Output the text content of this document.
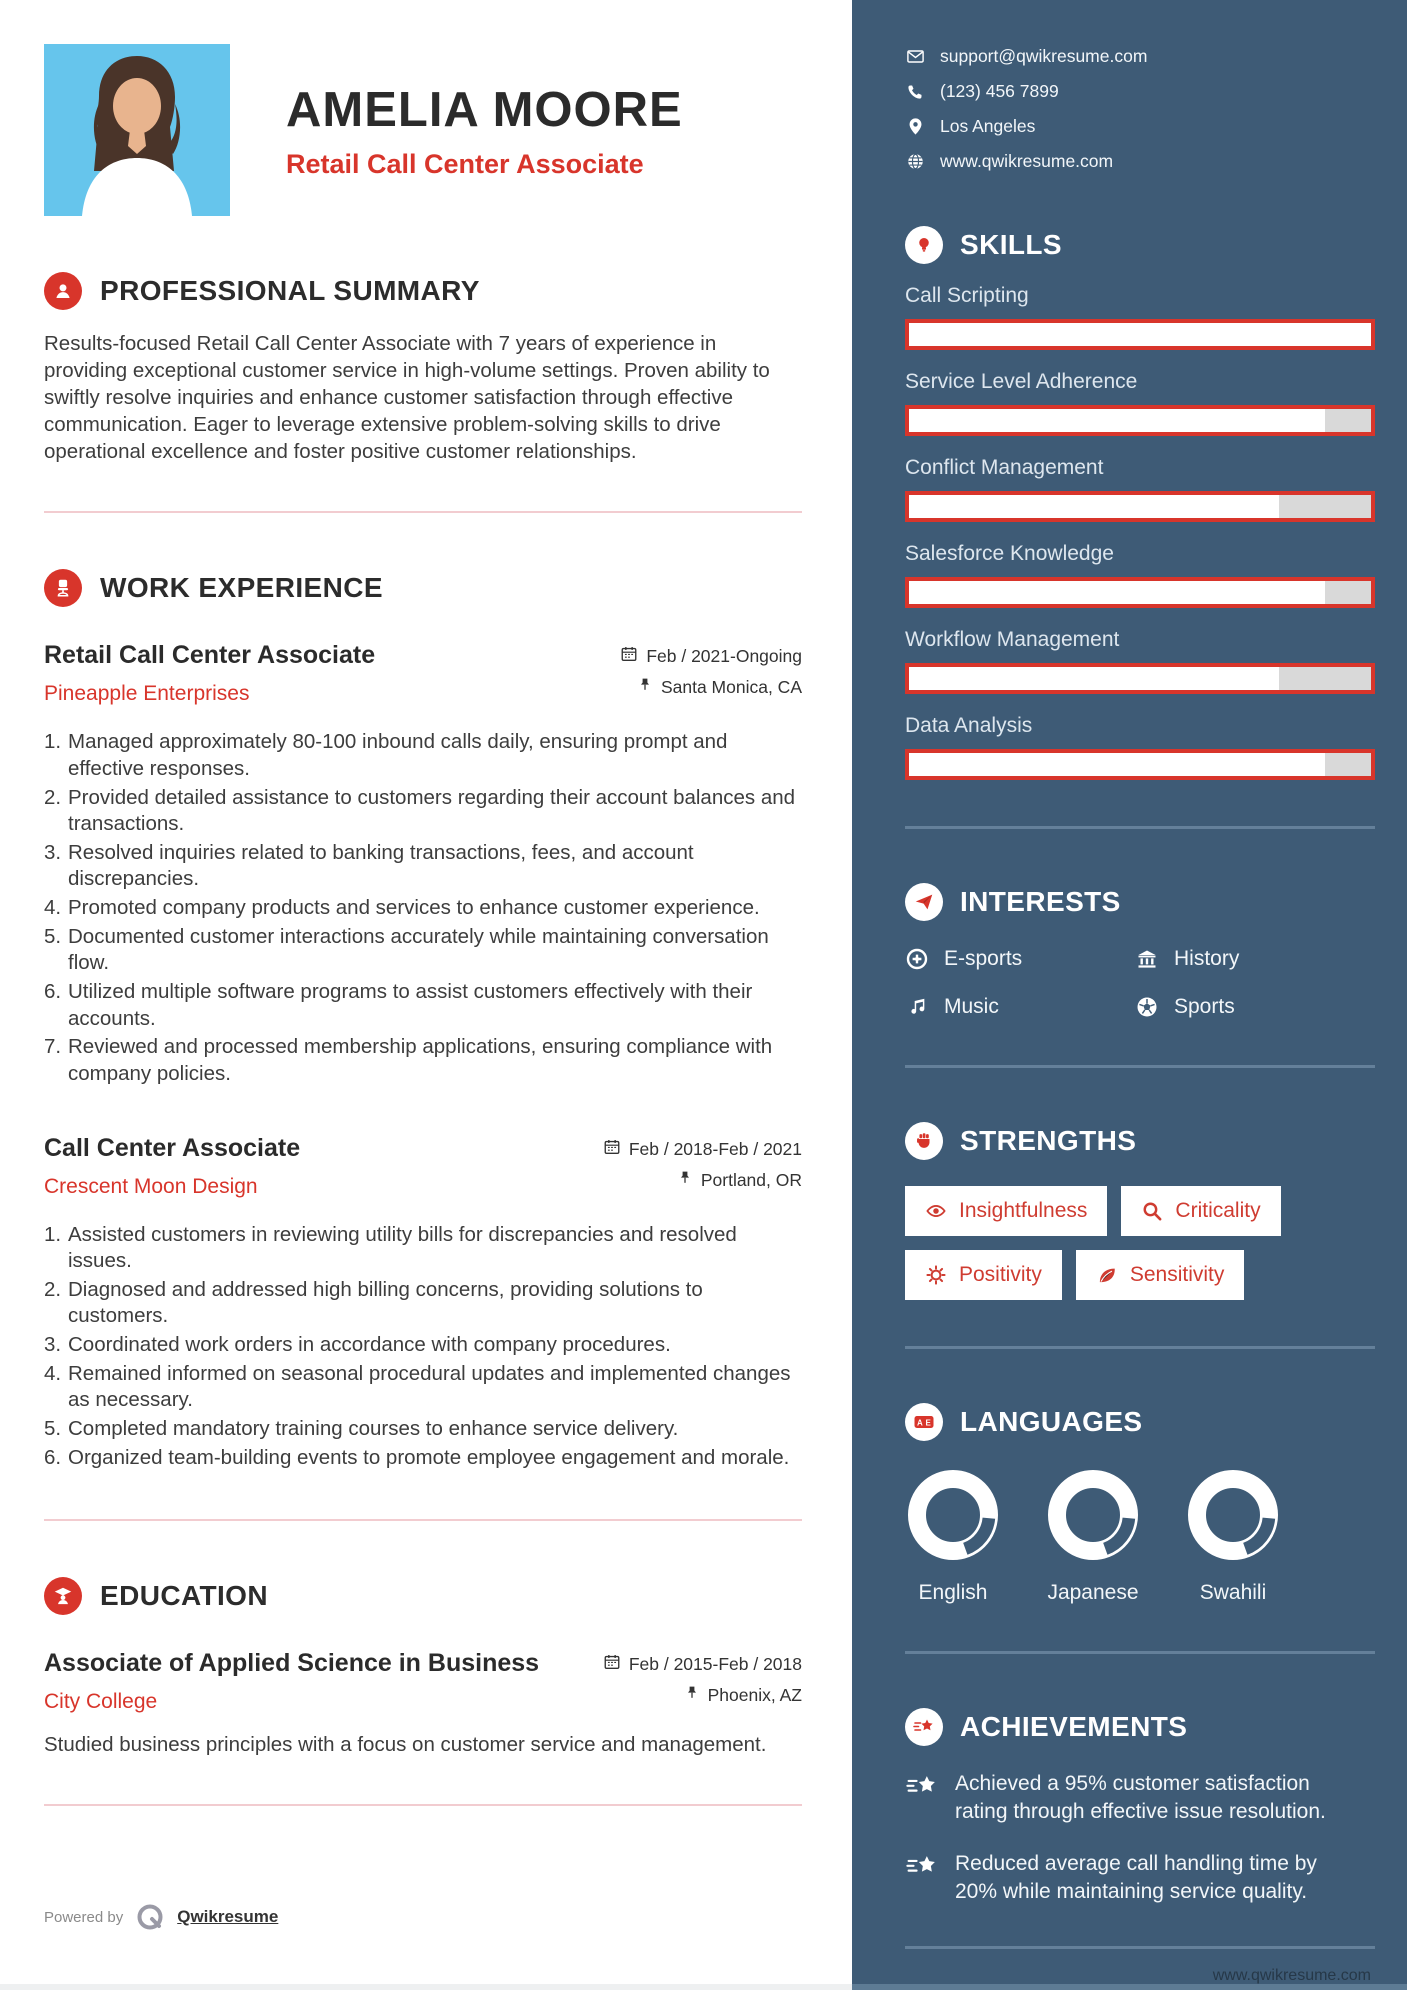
AMELIA MOORE
Retail Call Center Associate
PROFESSIONAL SUMMARY

Results-focused Retail Call Center Associate with 7 years of experience in providing exceptional customer service in high-volume settings. Proven ability to swiftly resolve inquiries and enhance customer satisfaction through effective communication. Eager to leverage extensive problem-solving skills to drive operational excellence and foster positive customer relationships.

WORK EXPERIENCE
Retail Call Center Associate
Pineapple Enterprises
Feb / 2021-Ongoing
Santa Monica, CA
Managed approximately 80-100 inbound calls daily, ensuring prompt and effective responses.
Provided detailed assistance to customers regarding their account balances and transactions.
Resolved inquiries related to banking transactions, fees, and account discrepancies.
Promoted company products and services to enhance customer experience.
Documented customer interactions accurately while maintaining conversation flow.
Utilized multiple software programs to assist customers effectively with their accounts.
Reviewed and processed membership applications, ensuring compliance with company policies.
Call Center Associate
Crescent Moon Design
Feb / 2018-Feb / 2021
Portland, OR
Assisted customers in reviewing utility bills for discrepancies and resolved issues.
Diagnosed and addressed high billing concerns, providing solutions to customers.
Coordinated work orders in accordance with company procedures.
Remained informed on seasonal procedural updates and implemented changes as necessary.
Completed mandatory training courses to enhance service delivery.
Organized team-building events to promote employee engagement and morale.
EDUCATION
Associate of Applied Science in Business
City College
Feb / 2015-Feb / 2018
Phoenix, AZ

Studied business principles with a focus on customer service and management.

Powered by	Qwikresume
support@qwikresume.com
(123) 456 7899
Los Angeles
www.qwikresume.com
SKILLS
Call Scripting
Service Level Adherence
Conflict Management
Salesforce Knowledge
Workflow Management
Data Analysis
INTERESTS
E-sports	History
Music	Sports
STRENGTHS
Insightfulness	Criticality
Positivity	Sensitivity
A E LANGUAGES
English	Japanese	Swahili
ACHIEVEMENTS
Achieved a 95% customer satisfaction rating through effective issue resolution.
Reduced average call handling time by 20% while maintaining service quality.
www.qwikresume.com
